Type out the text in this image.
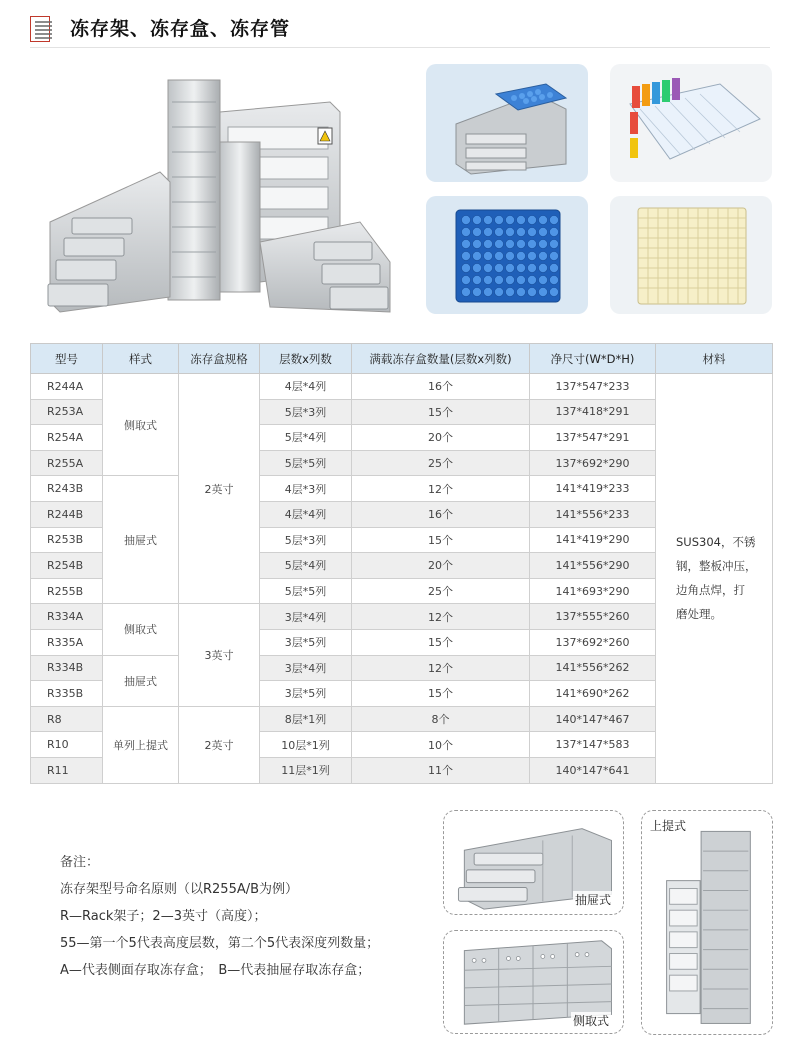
冻存架、冻存盒、冻存管
型号	样式	冻存盒规格	层数x列数	满载冻存盒数量(层数x列数)	净尺寸(W*D*H)	材料
R244A	侧取式	2英寸	4层*4列	16个	137*547*233	SUS304，不锈
钢，整板冲压，
边角点焊，打
磨处理。

R253A			5层*3列	15个	137*418*291	
R254A			5层*4列	20个	137*547*291	
R255A			5层*5列	25个	137*692*290	
R243B	抽屉式		4层*3列	12个	141*419*233	
R244B			4层*4列	16个	141*556*233	
R253B			5层*3列	15个	141*419*290	
R254B			5层*4列	20个	141*556*290	
R255B			5层*5列	25个	141*693*290	
R334A	侧取式	3英寸	3层*4列	12个	137*555*260	
R335A			3层*5列	15个	137*692*260	
R334B	抽屉式		3层*4列	12个	141*556*262	
R335B			3层*5列	15个	141*690*262	
R8	单列上提式	2英寸	8层*1列	8个	140*147*467	
R10			10层*1列	10个	137*147*583	
R11			11层*1列	11个	140*147*641	

备注：

冻存架型号命名原则（以R255A/B为例）

R—Rack架子；2—3英寸（高度）；

55—第一个5代表高度层数，第二个5代表深度列数量；

A—代表侧面存取冻存盒；　B—代表抽屉存取冻存盒；

抽屉式
侧取式
上提式
